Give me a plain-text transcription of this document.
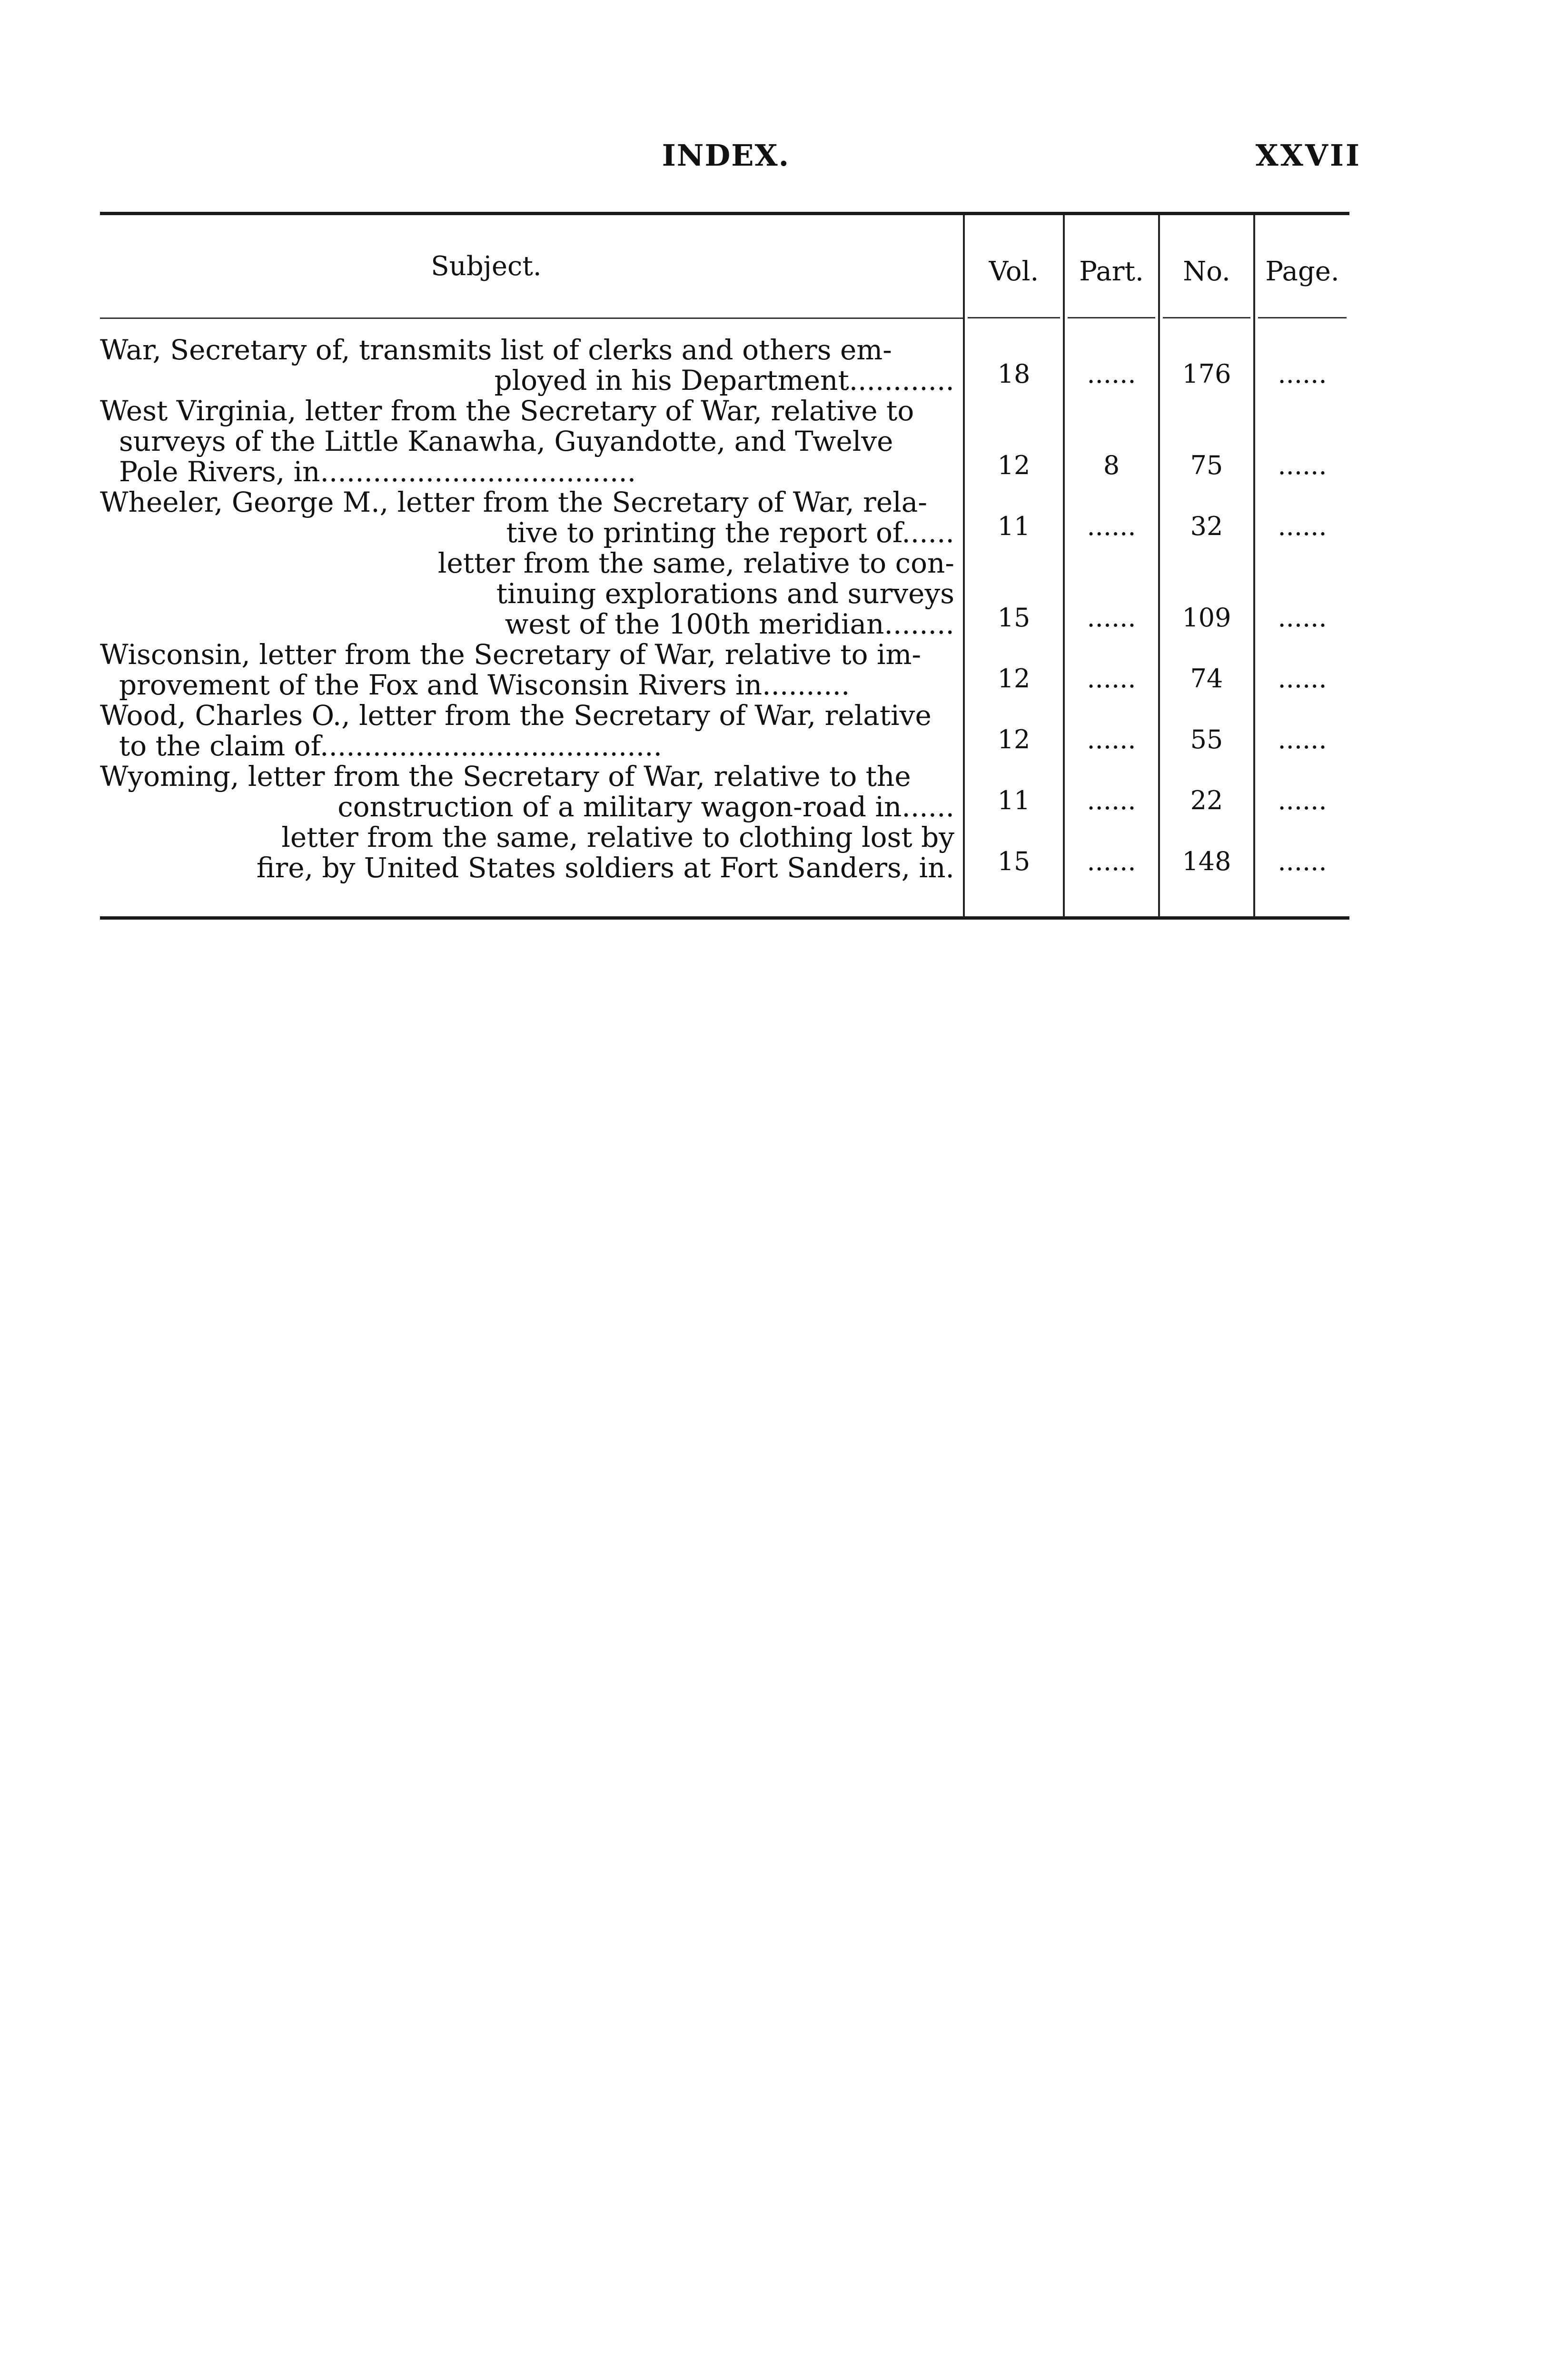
INDEX.	XXVII
Subject.	Vol.	Part.	No.	Page.

War, Secretary of, transmits list of clerks and others em-
ployed in his Department............	18	......	176	......

West Virginia, letter from the Secretary of War, relative to
surveys of the Little Kanawha, Guyandotte, and Twelve
Pole Rivers, in....................................	12	8	75	......

Wheeler, George M., letter from the Secretary of War, rela-
tive to printing the report of......	11	......	32	......

letter from the same, relative to con-
tinuing explorations and surveys
west of the 100th meridian........	15	......	109	......

Wisconsin, letter from the Secretary of War, relative to im-
provement of the Fox and Wisconsin Rivers in..........	12	......	74	......

Wood, Charles O., letter from the Secretary of War, relative
to the claim of.......................................	12	......	55	......

Wyoming, letter from the Secretary of War, relative to the
construction of a military wagon-road in......	11	......	22	......

letter from the same, relative to clothing lost by
fire, by United States soldiers at Fort Sanders, in.	15	......	148	......
